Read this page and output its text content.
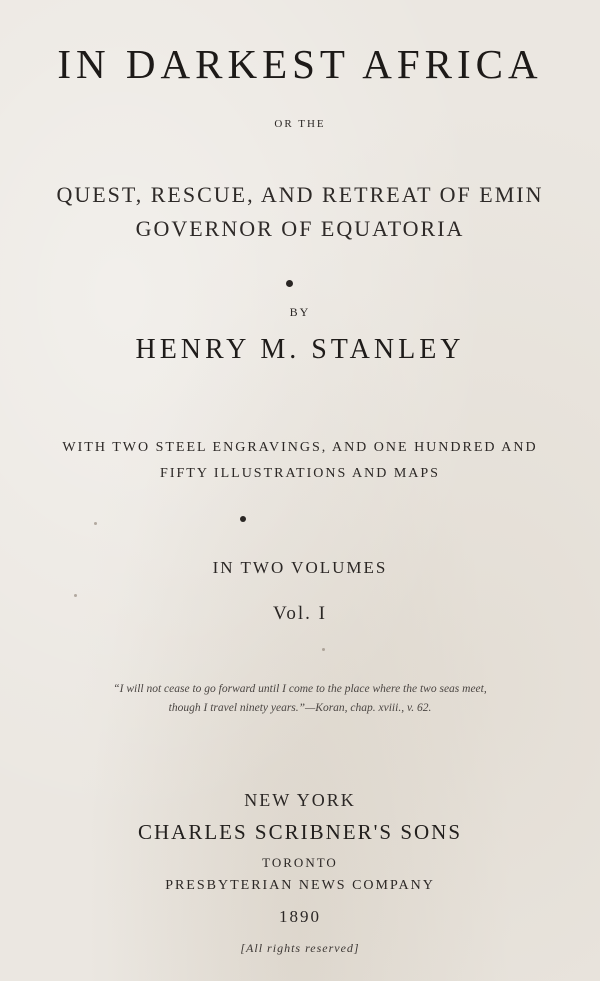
IN DARKEST AFRICA

OR THE

QUEST, RESCUE, AND RETREAT OF EMIN

GOVERNOR OF EQUATORIA

BY

HENRY M. STANLEY

WITH TWO STEEL ENGRAVINGS, AND ONE HUNDRED AND

FIFTY ILLUSTRATIONS AND MAPS

IN TWO VOLUMES

Vol. I

“I will not cease to go forward until I come to the place where the two seas meet,

though I travel ninety years.”—Koran, chap. xviii., v. 62.

NEW YORK

CHARLES SCRIBNER'S SONS

TORONTO

PRESBYTERIAN NEWS COMPANY

1890

[All rights reserved]
